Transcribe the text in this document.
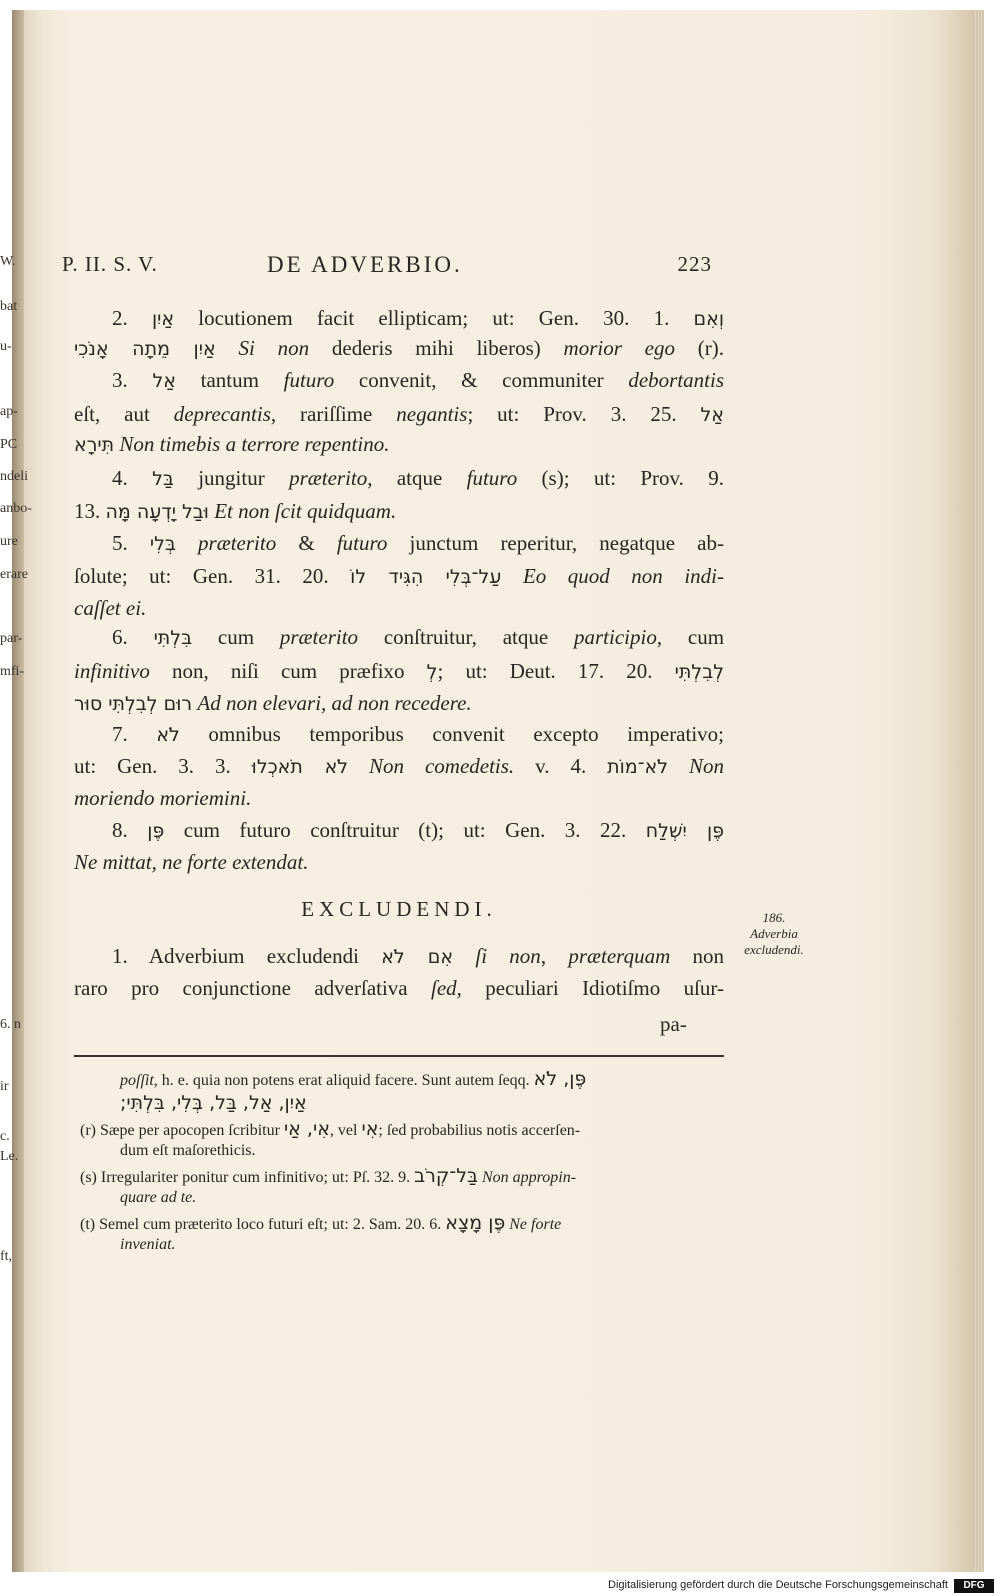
W.
bat
u-
ap-
PC
ndeli
anbo-
ure
erare
par-
mfi-
6. n
ir
c.
Le.
ft,
P. II. S. V.	DE ADVERBIO.	223
2. אַיִן locutionem facit ellipticam; ut: Gen. 30. 1. וְאִם
אַיִן מֵתָה אָנֹכִי Si non dederis mihi liberos) morior ego (r).
3. אַל tantum futuro convenit, & communiter debortantis
eſt, aut deprecantis, rariſſime negantis; ut: Prov. 3. 25. אַל
תִּירָא Non timebis a terrore repentino.
4. בַּל jungitur præterito, atque futuro (s); ut: Prov. 9.
13. וּבַל יָדְעָה מָּה Et non ſcit quidquam.
5. בְּלִי præterito & futuro junctum reperitur, negatque ab-
ſolute; ut: Gen. 31. 20. עַל־בְּלִי הִגִּיד לוֹ Eo quod non indi-
caſſet ei.
6. בִּלְתִּי cum præterito conſtruitur, atque participio, cum
infinitivo non, niſi cum præfixo לְ; ut: Deut. 17. 20. לְבִלְתִּי
רוּם לְבִלְתִּי סוּר Ad non elevari, ad non recedere.
7. לֹא omnibus temporibus convenit excepto imperativo;
ut: Gen. 3. 3. לֹא תֹאכְלוּ Non comedetis. v. 4. לֹא־מוֹת Non
moriendo moriemini.
8. פֶּן cum futuro conſtruitur (t); ut: Gen. 3. 22. פֶּן יִשְׁלַח
Ne mittat, ne forte extendat.
EXCLUDENDI.	186.
Adverbia
excludendi.
1. Adverbium excludendi אִם לֹא ſi non, præterquam non
raro pro conjunctione adverſativa ſed, peculiari Idiotiſmo uſur-
pa-
poſſit, h. e. quia non potens erat aliquid facere. Sunt autem ſeqq. פֶּן, לֹא
אַיִן, אַל, בַּל, בְּלִי, בִּלְתִּי;
(r) Sæpe per apocopen ſcribitur אִי, אַי, vel אִי; ſed probabilius notis accerſen-
dum eſt maſorethicis.
(s) Irregulariter ponitur cum infinitivo; ut: Pſ. 32. 9. בַּל־קְרֹב Non appropin-
quare ad te.
(t) Semel cum præterito loco futuri eſt; ut: 2. Sam. 20. 6. פֶּן מָצָא Ne forte
inveniat.
Digitalisierung gefördert durch die Deutsche Forschungsgemeinschaft	DFG
